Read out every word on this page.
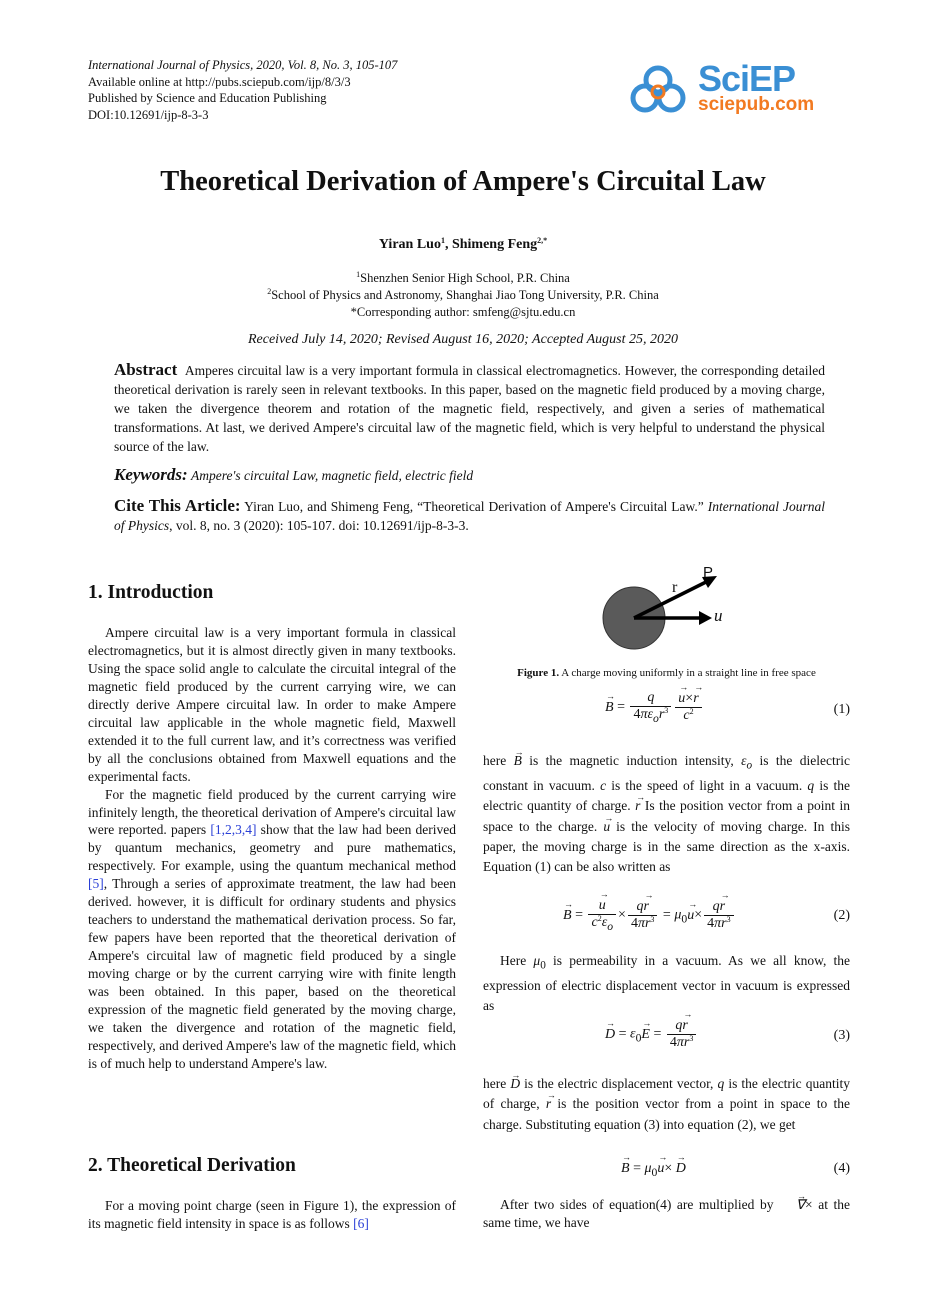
International Journal of Physics, 2020, Vol. 8, No. 3, 105-107
Available online at http://pubs.sciepub.com/ijp/8/3/3
Published by Science and Education Publishing
DOI:10.12691/ijp-8-3-3
SciEP
sciepub.com
Theoretical Derivation of Ampere's Circuital Law
Yiran Luo$^1$, Shimeng Feng$^{2,*}$
$^1$Shenzhen Senior High School, P.R. China
$^2$School of Physics and Astronomy, Shanghai Jiao Tong University, P.R. China
*Corresponding author: smfeng@sjtu.edu.cn
Received July 14, 2020; Revised August 16, 2020; Accepted August 25, 2020
Abstract Amperes circuital law is a very important formula in classical electromagnetics. However, the corresponding detailed theoretical derivation is rarely seen in relevant textbooks. In this paper, based on the magnetic field produced by a moving charge, we taken the divergence theorem and rotation of the magnetic field, respectively, and given a series of mathematical transformations. At last, we derived Ampere's circuital law of the magnetic field, which is very helpful to understand the physical source of the law.
Keywords: Ampere's circuital Law, magnetic field, electric field
Cite This Article: Yiran Luo, and Shimeng Feng, “Theoretical Derivation of Ampere's Circuital Law.” International Journal of Physics, vol. 8, no. 3 (2020): 105-107. doi: 10.12691/ijp-8-3-3.
1. Introduction

Ampere circuital law is a very important formula in classical electromagnetics, but it is almost directly given in many textbooks. Using the space solid angle to calculate the circuital integral of the magnetic field produced by the current carrying wire, we can directly derive Ampere circuital law. In order to make Ampere circuital law applicable in the whole magnetic field, Maxwell extended it to the full current law, and it’s correctness was verified by all the conclusions obtained from Maxwell equations and the experimental facts.

For the magnetic field produced by the current carrying wire infinitely length, the theoretical derivation of Ampere's circuital law were reported. papers [1,2,3,4] show that the law had been derived by quantum mechanics, geometry and pure mathematics, respectively. For example, using the quantum mechanical method [5], Through a series of approximate treatment, the law had been derived. however, it is difficult for ordinary students and physics teachers to understand the mathematical derivation process. So far, few papers have been reported that the theoretical derivation of Ampere's circuital law of magnetic field produced by a single moving charge or by the current carrying wire with finite length was been obtained. In this paper, based on the theoretical expression of the magnetic field generated by the moving charge, we taken the divergence and rotation of the magnetic field, respectively, and derived Ampere's law of the magnetic field, which is of much help to understand Ampere's law.

2. Theoretical Derivation

For a moving point charge (seen in Figure 1), the expression of its magnetic field intensity in space is as follows [6]

r
P
u
Figure 1. A charge moving uniformly in a straight line in free space
B → = $\frac{q}{4\pi\varepsilon_or^3} \frac{u \to\times r \to}{c^2}$	(1)
here B → is the magnetic induction intensity, $\varepsilon_o$ is the dielectric constant in vacuum. c is the speed of light in a vacuum. q is the electric quantity of charge. r → Is the position vector from a point in space to the charge. u → is the velocity of moving charge. In this paper, the moving charge is in the same direction as the x-axis. Equation (1) can be also written as
B → = $\frac{u \to}{c^2\varepsilon_o} \times \frac{qr \to}{4\pi r^3} = \mu_0u \to\times \frac{qr \to}{4\pi r^3}$	(2)
Here $\mu_0$ is permeability in a vacuum. As we all know, the expression of electric displacement vector in vacuum is expressed as
D → = $\varepsilon_0E$ → = $\frac{qr \to}{4\pi r^3}$	(3)
here D → is the electric displacement vector, q is the electric quantity of charge, r → is the position vector from a point in space to the charge. Substituting equation (3) into equation (2), we get
B → = $\mu_0u \to\times D$ →	(4)
After two sides of equation(4) are multiplied by ∇ →× at the same time, we have
